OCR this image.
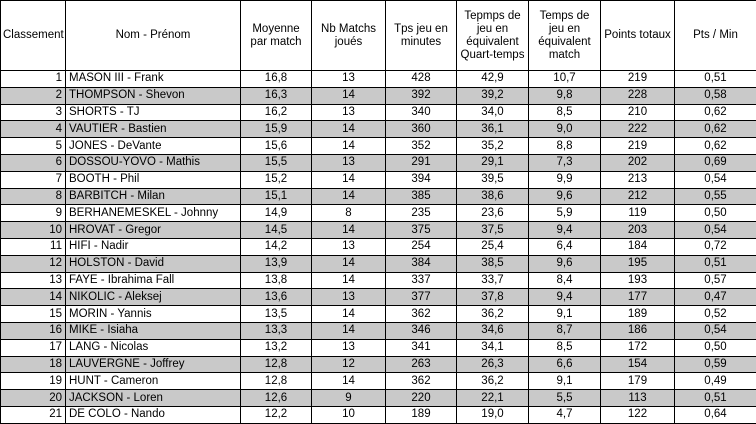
Classement	Nom - Prénom	Moyenne par match	Nb Matchs joués	Tps jeu en minutes	Tepmps de jeu en équivalent Quart-temps	Temps de jeu en équivalent match	Points totaux	Pts / Min
1	MASON III - Frank	16,8	13	428	42,9	10,7	219	0,51
2	THOMPSON - Shevon	16,3	14	392	39,2	9,8	228	0,58
3	SHORTS - TJ	16,2	13	340	34,0	8,5	210	0,62
4	VAUTIER - Bastien	15,9	14	360	36,1	9,0	222	0,62
5	JONES - DeVante	15,6	14	352	35,2	8,8	219	0,62
6	DOSSOU-YOVO - Mathis	15,5	13	291	29,1	7,3	202	0,69
7	BOOTH - Phil	15,2	14	394	39,5	9,9	213	0,54
8	BARBITCH - Milan	15,1	14	385	38,6	9,6	212	0,55
9	BERHANEMESKEL - Johnny	14,9	8	235	23,6	5,9	119	0,50
10	HROVAT - Gregor	14,5	14	375	37,5	9,4	203	0,54
11	HIFI - Nadir	14,2	13	254	25,4	6,4	184	0,72
12	HOLSTON - David	13,9	14	384	38,5	9,6	195	0,51
13	FAYE - Ibrahima Fall	13,8	14	337	33,7	8,4	193	0,57
14	NIKOLIC - Aleksej	13,6	13	377	37,8	9,4	177	0,47
15	MORIN - Yannis	13,5	14	362	36,2	9,1	189	0,52
16	MIKE - Isiaha	13,3	14	346	34,6	8,7	186	0,54
17	LANG - Nicolas	13,2	13	341	34,1	8,5	172	0,50
18	LAUVERGNE - Joffrey	12,8	12	263	26,3	6,6	154	0,59
19	HUNT - Cameron	12,8	14	362	36,2	9,1	179	0,49
20	JACKSON - Loren	12,6	9	220	22,1	5,5	113	0,51
21	DE COLO - Nando	12,2	10	189	19,0	4,7	122	0,64
